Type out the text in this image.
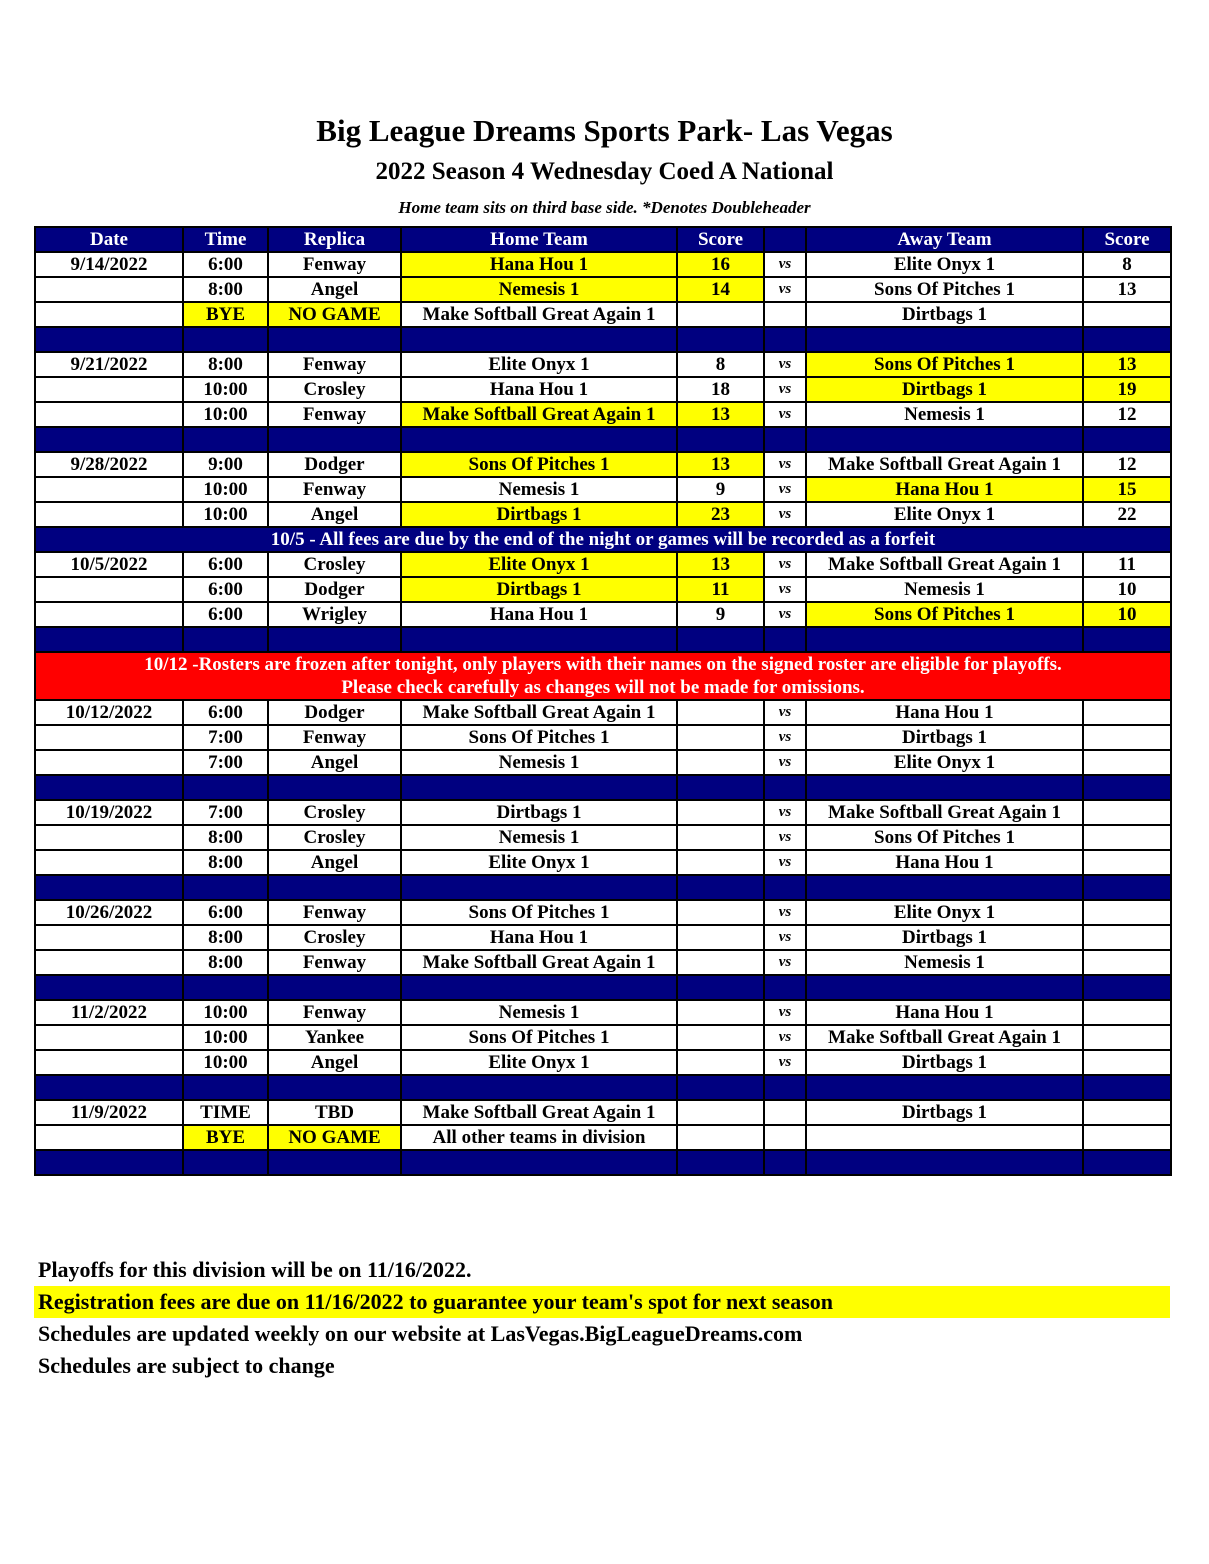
Big League Dreams Sports Park- Las Vegas
2022 Season 4 Wednesday Coed A National
Home team sits on third base side. *Denotes Doubleheader
Date	Time	Replica	Home Team	Score		Away Team	Score
9/14/2022	6:00	Fenway	Hana Hou 1	16	vs	Elite Onyx 1	8
	8:00	Angel	Nemesis 1	14	vs	Sons Of Pitches 1	13
	BYE	NO GAME	Make Softball Great Again 1			Dirtbags 1	

9/21/2022	8:00	Fenway	Elite Onyx 1	8	vs	Sons Of Pitches 1	13
	10:00	Crosley	Hana Hou 1	18	vs	Dirtbags 1	19
	10:00	Fenway	Make Softball Great Again 1	13	vs	Nemesis 1	12

9/28/2022	9:00	Dodger	Sons Of Pitches 1	13	vs	Make Softball Great Again 1	12
	10:00	Fenway	Nemesis 1	9	vs	Hana Hou 1	15
	10:00	Angel	Dirtbags 1	23	vs	Elite Onyx 1	22
10/5 - All fees are due by the end of the night or games will be recorded as a forfeit							
10/5/2022	6:00	Crosley	Elite Onyx 1	13	vs	Make Softball Great Again 1	11
	6:00	Dodger	Dirtbags 1	11	vs	Nemesis 1	10
	6:00	Wrigley	Hana Hou 1	9	vs	Sons Of Pitches 1	10

10/12 -Rosters are frozen after tonight, only players with their names on the signed roster are eligible for playoffs.
Please check carefully as changes will not be made for omissions.							

10/12/2022	6:00	Dodger	Make Softball Great Again 1		vs	Hana Hou 1	
	7:00	Fenway	Sons Of Pitches 1		vs	Dirtbags 1	
	7:00	Angel	Nemesis 1		vs	Elite Onyx 1	

10/19/2022	7:00	Crosley	Dirtbags 1		vs	Make Softball Great Again 1	
	8:00	Crosley	Nemesis 1		vs	Sons Of Pitches 1	
	8:00	Angel	Elite Onyx 1		vs	Hana Hou 1	

10/26/2022	6:00	Fenway	Sons Of Pitches 1		vs	Elite Onyx 1	
	8:00	Crosley	Hana Hou 1		vs	Dirtbags 1	
	8:00	Fenway	Make Softball Great Again 1		vs	Nemesis 1	

11/2/2022	10:00	Fenway	Nemesis 1		vs	Hana Hou 1	
	10:00	Yankee	Sons Of Pitches 1		vs	Make Softball Great Again 1	
	10:00	Angel	Elite Onyx 1		vs	Dirtbags 1	

11/9/2022	TIME	TBD	Make Softball Great Again 1			Dirtbags 1	
	BYE	NO GAME	All other teams in division				

Playoffs for this division will be on 11/16/2022.
Registration fees are due on 11/16/2022 to guarantee your team's spot for next season
Schedules are updated weekly on our website at LasVegas.BigLeagueDreams.com
Schedules are subject to change
